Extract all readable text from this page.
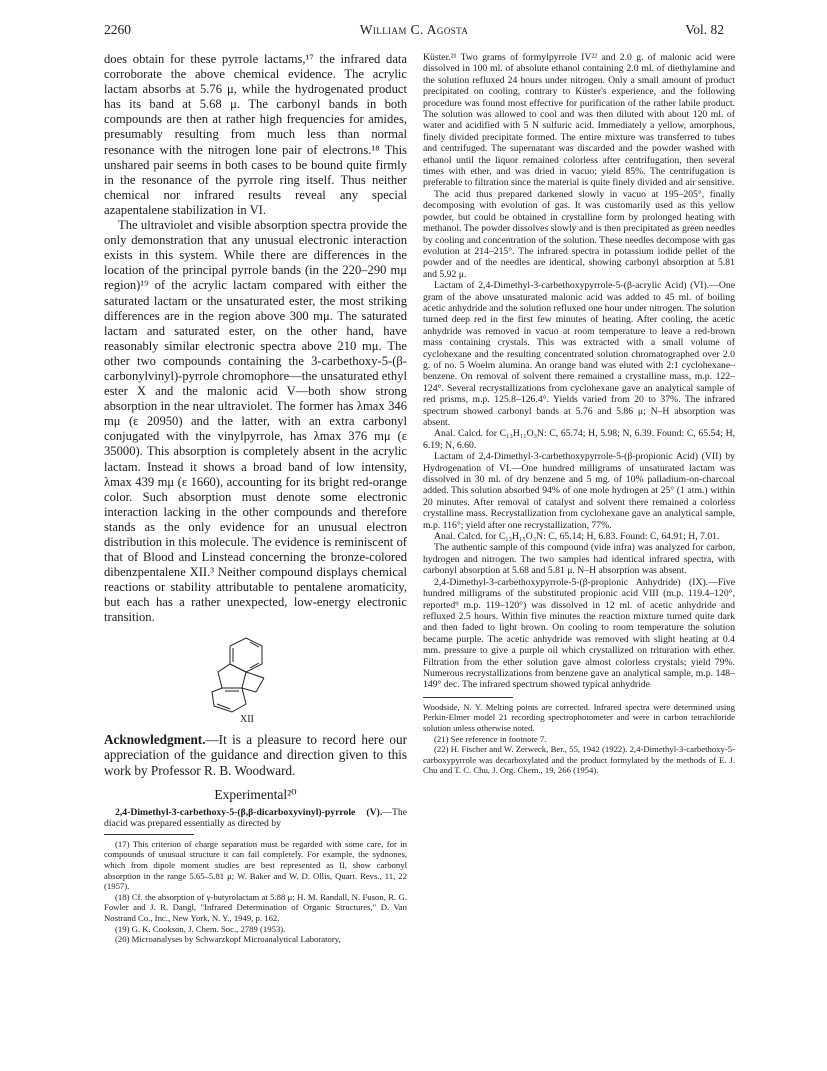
2260	William C. Agosta	Vol. 82

does obtain for these pyrrole lactams,¹⁷ the infrared data corroborate the above chemical evidence. The acrylic lactam absorbs at 5.76 μ, while the hydrogenated product has its band at 5.68 μ. The carbonyl bands in both compounds are then at rather high frequencies for amides, presumably resulting from much less than normal resonance with the nitrogen lone pair of electrons.¹⁸ This unshared pair seems in both cases to be bound quite firmly in the resonance of the pyrrole ring itself. Thus neither chemical nor infrared results reveal any special azapentalene stabilization in VI.

The ultraviolet and visible absorption spectra provide the only demonstration that any unusual electronic interaction exists in this system. While there are differences in the location of the principal pyrrole bands (in the 220–290 mμ region)¹⁹ of the acrylic lactam compared with either the saturated lactam or the unsaturated ester, the most striking differences are in the region above 300 mμ. The saturated lactam and saturated ester, on the other hand, have reasonably similar electronic spectra above 210 mμ. The other two compounds containing the 3-carbethoxy-5-(β-carbonylvinyl)-pyrrole chromophore—the unsaturated ethyl ester X and the malonic acid V—both show strong absorption in the near ultraviolet. The former has λmax 346 mμ (ε 20950) and the latter, with an extra carbonyl conjugated with the vinylpyrrole, has λmax 376 mμ (ε 35000). This absorption is completely absent in the acrylic lactam. Instead it shows a broad band of low intensity, λmax 439 mμ (ε 1660), accounting for its bright red-orange color. Such absorption must denote some electronic interaction lacking in the other compounds and therefore stands as the only evidence for an unusual electron distribution in this molecule. The evidence is reminiscent of that of Blood and Linstead concerning the bronze-colored dibenzpentalene XII.³ Neither compound displays chemical reactions or stability attributable to pentalene aromaticity, but each has a rather unexpected, low-energy electronic transition.

XII

Acknowledgment.—It is a pleasure to record here our appreciation of the guidance and direction given to this work by Professor R. B. Woodward.

Experimental²⁰

2,4-Dimethyl-3-carbethoxy-5-(β,β-dicarboxyvinyl)-pyrrole (V).—The diacid was prepared essentially as directed by

(17) This criterion of charge separation must be regarded with some care, for in compounds of unusual structure it can fail completely. For example, the sydnones, which from dipole moment studies are best represented as II, show carbonyl absorption in the range 5.65–5.81 μ; W. Baker and W. D. Ollis, Quart. Revs., 11, 22 (1957).

(18) Cf. the absorption of γ-butyrolactam at 5.88 μ; H. M. Randall, N. Fuson, R. G. Fowler and J. R. Dangl, "Infrared Determination of Organic Structures," D. Van Nostrand Co., Inc., New York, N. Y., 1949, p. 162.

(19) G. K. Cookson, J. Chem. Soc., 2789 (1953).

(20) Microanalyses by Schwarzkopf Microanalytical Laboratory,

Küster.²¹ Two grams of formylpyrrole IV²² and 2.0 g. of malonic acid were dissolved in 100 ml. of absolute ethanol containing 2.0 ml. of diethylamine and the solution refluxed 24 hours under nitrogen. Only a small amount of product precipitated on cooling, contrary to Küster's experience, and the following procedure was found most effective for purification of the rather labile product. The solution was allowed to cool and was then diluted with about 120 ml. of water and acidified with 5 N sulfuric acid. Immediately a yellow, amorphous, finely divided precipitate formed. The entire mixture was transferred to tubes and centrifuged. The supernatant was discarded and the powder washed with ethanol until the liquor remained colorless after centrifugation, then several times with ether, and was dried in vacuo; yield 85%. The centrifugation is preferable to filtration since the material is quite finely divided and air sensitive.

The acid thus prepared darkened slowly in vacuo at 195–205°, finally decomposing with evolution of gas. It was customarily used as this yellow powder, but could be obtained in crystalline form by prolonged heating with methanol. The powder dissolves slowly and is then precipitated as green needles by cooling and concentration of the solution. These needles decompose with gas evolution at 214–215°. The infrared spectra in potassium iodide pellet of the powder and of the needles are identical, showing carbonyl absorption at 5.81 and 5.92 μ.

Lactam of 2,4-Dimethyl-3-carbethoxypyrrole-5-(β-acrylic Acid) (VI).—One gram of the above unsaturated malonic acid was added to 45 ml. of boiling acetic anhydride and the solution refluxed one hour under nitrogen. The solution turned deep red in the first few minutes of heating. After cooling, the acetic anhydride was removed in vacuo at room temperature to leave a red-brown mass containing crystals. This was extracted with a small volume of cyclohexane and the resulting concentrated solution chromatographed over 2.0 g. of no. 5 Woelm alumina. An orange band was eluted with 2:1 cyclohexane–benzene. On removal of solvent there remained a crystalline mass, m.p. 122–124°. Several recrystallizations from cyclohexane gave an analytical sample of red prisms, m.p. 125.8–126.4°. Yields varied from 20 to 37%. The infrared spectrum showed carbonyl bands at 5.76 and 5.86 μ; N–H absorption was absent.

Anal. Calcd. for C₁₃H₁₁O₃N: C, 65.74; H, 5.98; N, 6.39. Found: C, 65.54; H, 6.19; N, 6.60.

Lactam of 2,4-Dimethyl-3-carbethoxypyrrole-5-(β-propionic Acid) (VII) by Hydrogenation of VI.—One hundred milligrams of unsaturated lactam was dissolved in 30 ml. of dry benzene and 5 mg. of 10% palladium-on-charcoal added. This solution absorbed 94% of one mole hydrogen at 25° (1 atm.) within 20 minutes. After removal of catalyst and solvent there remained a colorless crystalline mass. Recrystallization from cyclohexane gave an analytical sample, m.p. 116°; yield after one recrystallization, 77%.

Anal. Calcd. for C₁₃H₁₅O₃N: C, 65.14; H, 6.83. Found: C, 64.91; H, 7.01.

The authentic sample of this compound (vide infra) was analyzed for carbon, hydrogen and nitrogen. The two samples had identical infrared spectra, with carbonyl absorption at 5.68 and 5.81 μ. N–H absorption was absent.

2,4-Dimethyl-3-carbethoxypyrrole-5-(β-propionic Anhydride) (IX).—Five hundred milligrams of the substituted propionic acid VIII (m.p. 119.4–120°, reported⁹ m.p. 119–120°) was dissolved in 12 ml. of acetic anhydride and refluxed 2.5 hours. Within five minutes the reaction mixture turned quite dark and then faded to light brown. On cooling to room temperature the solution became purple. The acetic anhydride was removed with slight heating at 0.4 mm. pressure to give a purple oil which crystallized on trituration with ether. Filtration from the ether solution gave almost colorless crystals; yield 79%. Numerous recrystallizations from benzene gave an analytical sample, m.p. 148–149° dec. The infrared spectrum showed typical anhydride

Woodside, N. Y. Melting points are corrected. Infrared spectra were determined using Perkin-Elmer model 21 recording spectrophotometer and were in carbon tetrachloride solution unless otherwise noted.

(21) See reference in footnote 7.

(22) H. Fischer and W. Zerweck, Ber., 55, 1942 (1922). 2,4-Dimethyl-3-carbethoxy-5-carboxypyrrole was decarboxylated and the product formylated by the methods of E. J. Chu and T. C. Chu, J. Org. Chem., 19, 266 (1954).
